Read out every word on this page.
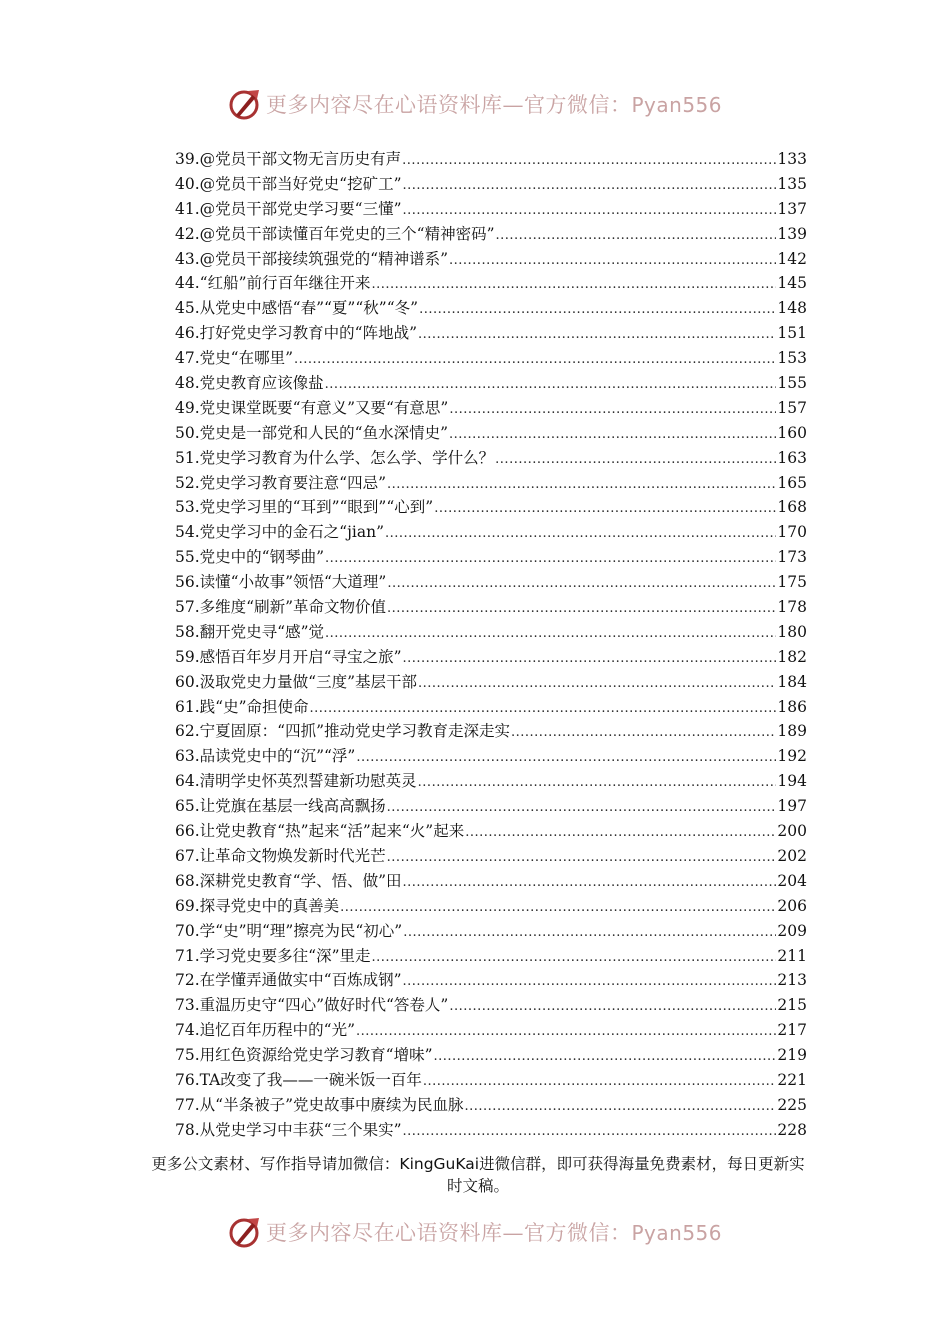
更多内容尽在心语资料库—官方微信：Pyan556
39. @党员干部文物无言历史有声 .....	133
40. @党员干部当好党史“挖矿工” .....	135
41. @党员干部党史学习要“三懂” .....	137
42. @党员干部读懂百年党史的三个“精神密码” .....	139
43. @党员干部接续筑强党的“精神谱系” .....	142
44. “红船”前行百年继往开来 .....	145
45. 从党史中感悟“春”“夏”“秋”“冬” .....	148
46. 打好党史学习教育中的“阵地战” .....	151
47. 党史“在哪里” .....	153
48. 党史教育应该像盐 .....	155
49. 党史课堂既要“有意义”又要“有意思” .....	157
50. 党史是一部党和人民的“鱼水深情史” .....	160
51. 党史学习教育为什么学、怎么学、学什么？ .....	163
52. 党史学习教育要注意“四忌” .....	165
53. 党史学习里的“耳到”“眼到”“心到” .....	168
54. 党史学习中的金石之“jian” .....	170
55. 党史中的“钢琴曲” .....	173
56. 读懂“小故事”领悟“大道理” .....	175
57. 多维度“刷新”革命文物价值 .....	178
58. 翻开党史寻“感”觉 .....	180
59. 感悟百年岁月开启“寻宝之旅” .....	182
60. 汲取党史力量做“三度”基层干部 .....	184
61. 践“史”命担使命 .....	186
62. 宁夏固原：“四抓”推动党史学习教育走深走实 .....	189
63. 品读党史中的“沉”“浮” .....	192
64. 清明学史怀英烈誓建新功慰英灵 .....	194
65. 让党旗在基层一线高高飘扬 .....	197
66. 让党史教育“热”起来“活”起来“火”起来 .....	200
67. 让革命文物焕发新时代光芒 .....	202
68. 深耕党史教育“学、悟、做”田 .....	204
69. 探寻党史中的真善美 .....	206
70. 学“史”明“理”擦亮为民“初心” .....	209
71. 学习党史要多往“深”里走 .....	211
72. 在学懂弄通做实中“百炼成钢” .....	213
73. 重温历史守“四心”做好时代“答卷人” .....	215
74. 追忆百年历程中的“光” .....	217
75. 用红色资源给党史学习教育“增味” .....	219
76. TA改变了我——一碗米饭一百年 .....	221
77. 从“半条被子”党史故事中赓续为民血脉 .....	225
78. 从党史学习中丰获“三个果实” .....	228
更多公文素材、写作指导请加微信：KingGuKai进微信群，即可获得海量免费素材，每日更新实时文稿。
更多内容尽在心语资料库—官方微信：Pyan556
